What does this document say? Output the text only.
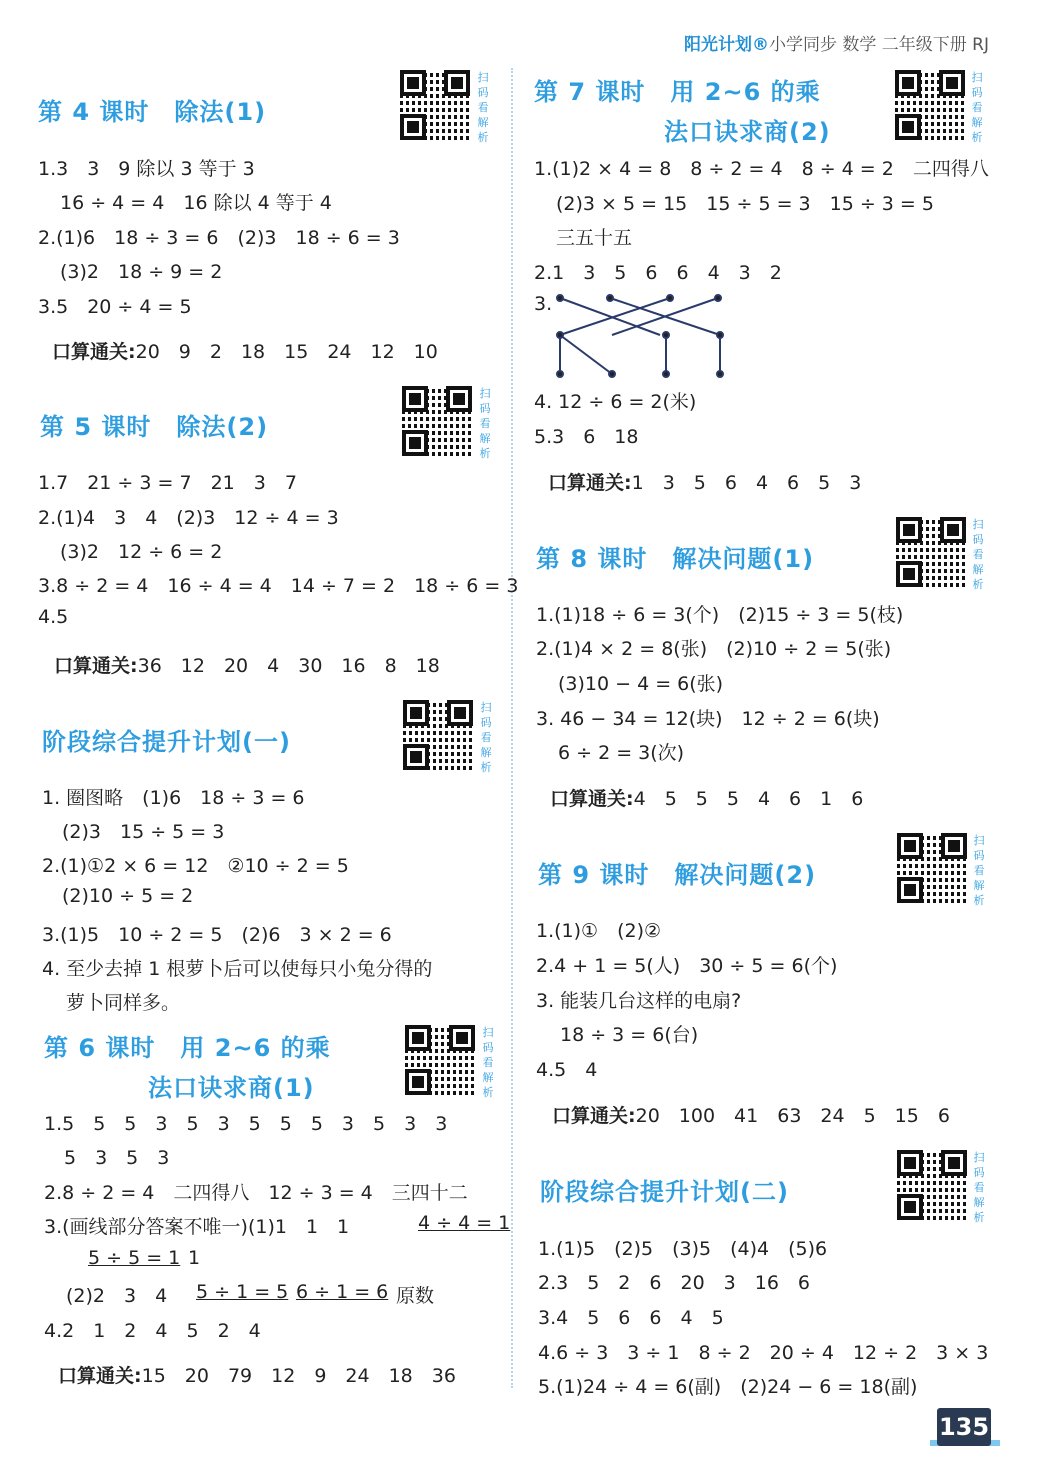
阳光计划®小学同步 数学 二年级下册 RJ
第 4 课时　除法(1)
扫码看解析
1.3　3　9 除以 3 等于 3
16 ÷ 4 = 4　16 除以 4 等于 4
2.(1)6　18 ÷ 3 = 6　(2)3　18 ÷ 6 = 3
(3)2　18 ÷ 9 = 2
3.5　20 ÷ 4 = 5
口算通关:20　9　2　18　15　24　12　10
第 5 课时　除法(2)
扫码看解析
1.7　21 ÷ 3 = 7　21　3　7
2.(1)4　3　4　(2)3　12 ÷ 4 = 3
(3)2　12 ÷ 6 = 2
3.8 ÷ 2 = 4　16 ÷ 4 = 4　14 ÷ 7 = 2　18 ÷ 6 = 3
4.5
口算通关:36　12　20　4　30　16　8　18
阶段综合提升计划(一)
扫码看解析
1. 圈图略　(1)6　18 ÷ 3 = 6
(2)3　15 ÷ 5 = 3
2.(1)①2 × 6 = 12　②10 ÷ 2 = 5
(2)10 ÷ 5 = 2
3.(1)5　10 ÷ 2 = 5　(2)6　3 × 2 = 6
4. 至少去掉 1 根萝卜后可以使每只小兔分得的
萝卜同样多。
第 6 课时　用 2~6 的乘
法口诀求商(1)
扫码看解析
1.5　5　5　3　5　3　5　5　5　3　5　3　3
5　3　5　3
2.8 ÷ 2 = 4　二四得八　12 ÷ 3 = 4　三四十二
3.(画线部分答案不唯一)(1)1　1　1	4 ÷ 4 = 1
5 ÷ 5 = 1 1
(2)2　3　4 5 ÷ 1 = 5 6 ÷ 1 = 6 原数
4.2　1　2　4　5　2　4
口算通关:15　20　79　12　9　24　18　36
第 7 课时　用 2~6 的乘
法口诀求商(2)
扫码看解析
1.(1)2 × 4 = 8　8 ÷ 2 = 4　8 ÷ 4 = 2　二四得八
(2)3 × 5 = 15　15 ÷ 5 = 3　15 ÷ 3 = 5
三五十五
2.1　3　5　6　6　4　3　2
3.
4. 12 ÷ 6 = 2(米)
5.3　6　18
口算通关:1　3　5　6　4　6　5　3
第 8 课时　解决问题(1)
扫码看解析
1.(1)18 ÷ 6 = 3(个)　(2)15 ÷ 3 = 5(枝)
2.(1)4 × 2 = 8(张)　(2)10 ÷ 2 = 5(张)
(3)10 − 4 = 6(张)
3. 46 − 34 = 12(块)　12 ÷ 2 = 6(块)
6 ÷ 2 = 3(次)
口算通关:4　5　5　5　4　6　1　6
第 9 课时　解决问题(2)
扫码看解析
1.(1)①　(2)②
2.4 + 1 = 5(人)　30 ÷ 5 = 6(个)
3. 能装几台这样的电扇?
18 ÷ 3 = 6(台)
4.5　4
口算通关:20　100　41　63　24　5　15　6
阶段综合提升计划(二)
扫码看解析
1.(1)5　(2)5　(3)5　(4)4　(5)6
2.3　5　2　6　20　3　16　6
3.4　5　6　6　4　5
4.6 ÷ 3　3 ÷ 1　8 ÷ 2　20 ÷ 4　12 ÷ 2　3 × 3
5.(1)24 ÷ 4 = 6(副)　(2)24 − 6 = 18(副)
135
